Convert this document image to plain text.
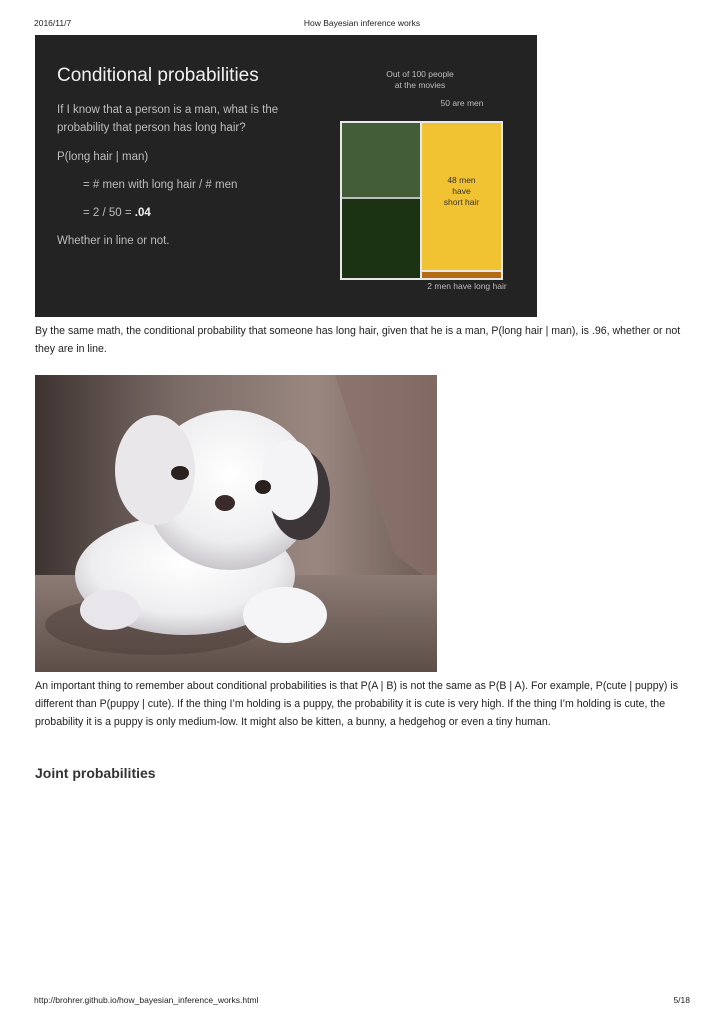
2016/11/7	How Bayesian inference works
Conditional probabilities
If I know that a person is a man, what is the
probability that person has long hair?
P(long hair | man)
= # men with long hair / # men
= 2 / 50 = .04
Whether in line or not.
Out of 100 people
at the movies
50 are men
48 men
have
short hair
2 men have long hair
By the same math, the conditional probability that someone has long hair, given that he is a man, P(long hair | man), is .96, whether or not they are in line.
An important thing to remember about conditional probabilities is that P(A | B) is not the same as P(B | A). For example, P(cute | puppy) is different than P(puppy | cute). If the thing I’m holding is a puppy, the probability it is cute is very high. If the thing I’m holding is cute, the probability it is a puppy is only medium-low. It might also be kitten, a bunny, a hedgehog or even a tiny human.
Joint probabilities
http://brohrer.github.io/how_bayesian_inference_works.html	5/18
